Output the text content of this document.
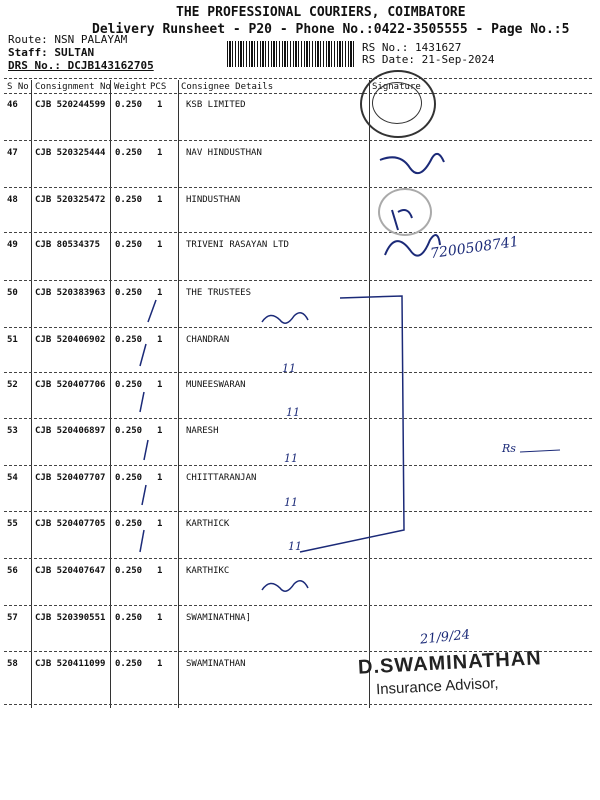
THE PROFESSIONAL COURIERS, COIMBATORE
Delivery Runsheet - P20 - Phone No.:0422-3505555 - Page No.:5
Route: NSN PALAYAM
Staff: SULTAN
DRS No.: DCJB143162705
RS No.: 1431627
RS Date: 21-Sep-2024
S No Consignment No Weight PCS Consignee Details	Signature
46 CJB 520244599 0.250 1	KSB LIMITED
47 CJB 520325444 0.250 1	NAV HINDUSTHAN
48 CJB 520325472 0.250 1	HINDUSTHAN
49 CJB 80534375 0.250 1	TRIVENI RASAYAN LTD
50 CJB 520383963 0.250 1	THE TRUSTEES
51 CJB 520406902 0.250 1	CHANDRAN
52 CJB 520407706 0.250 1	MUNEESWARAN
53 CJB 520406897 0.250 1	NARESH
54 CJB 520407707 0.250 1	CHIITTARANJAN
55 CJB 520407705 0.250 1	KARTHICK
56 CJB 520407647 0.250 1	KARTHIKC
57 CJB 520390551 0.250 1	SWAMINATHNA]
58 CJB 520411099 0.250 1	SWAMINATHAN
7200508741
11
11
11
11
11
Rs
21/9/24
D.SWAMINATHAN
Insurance Advisor,
